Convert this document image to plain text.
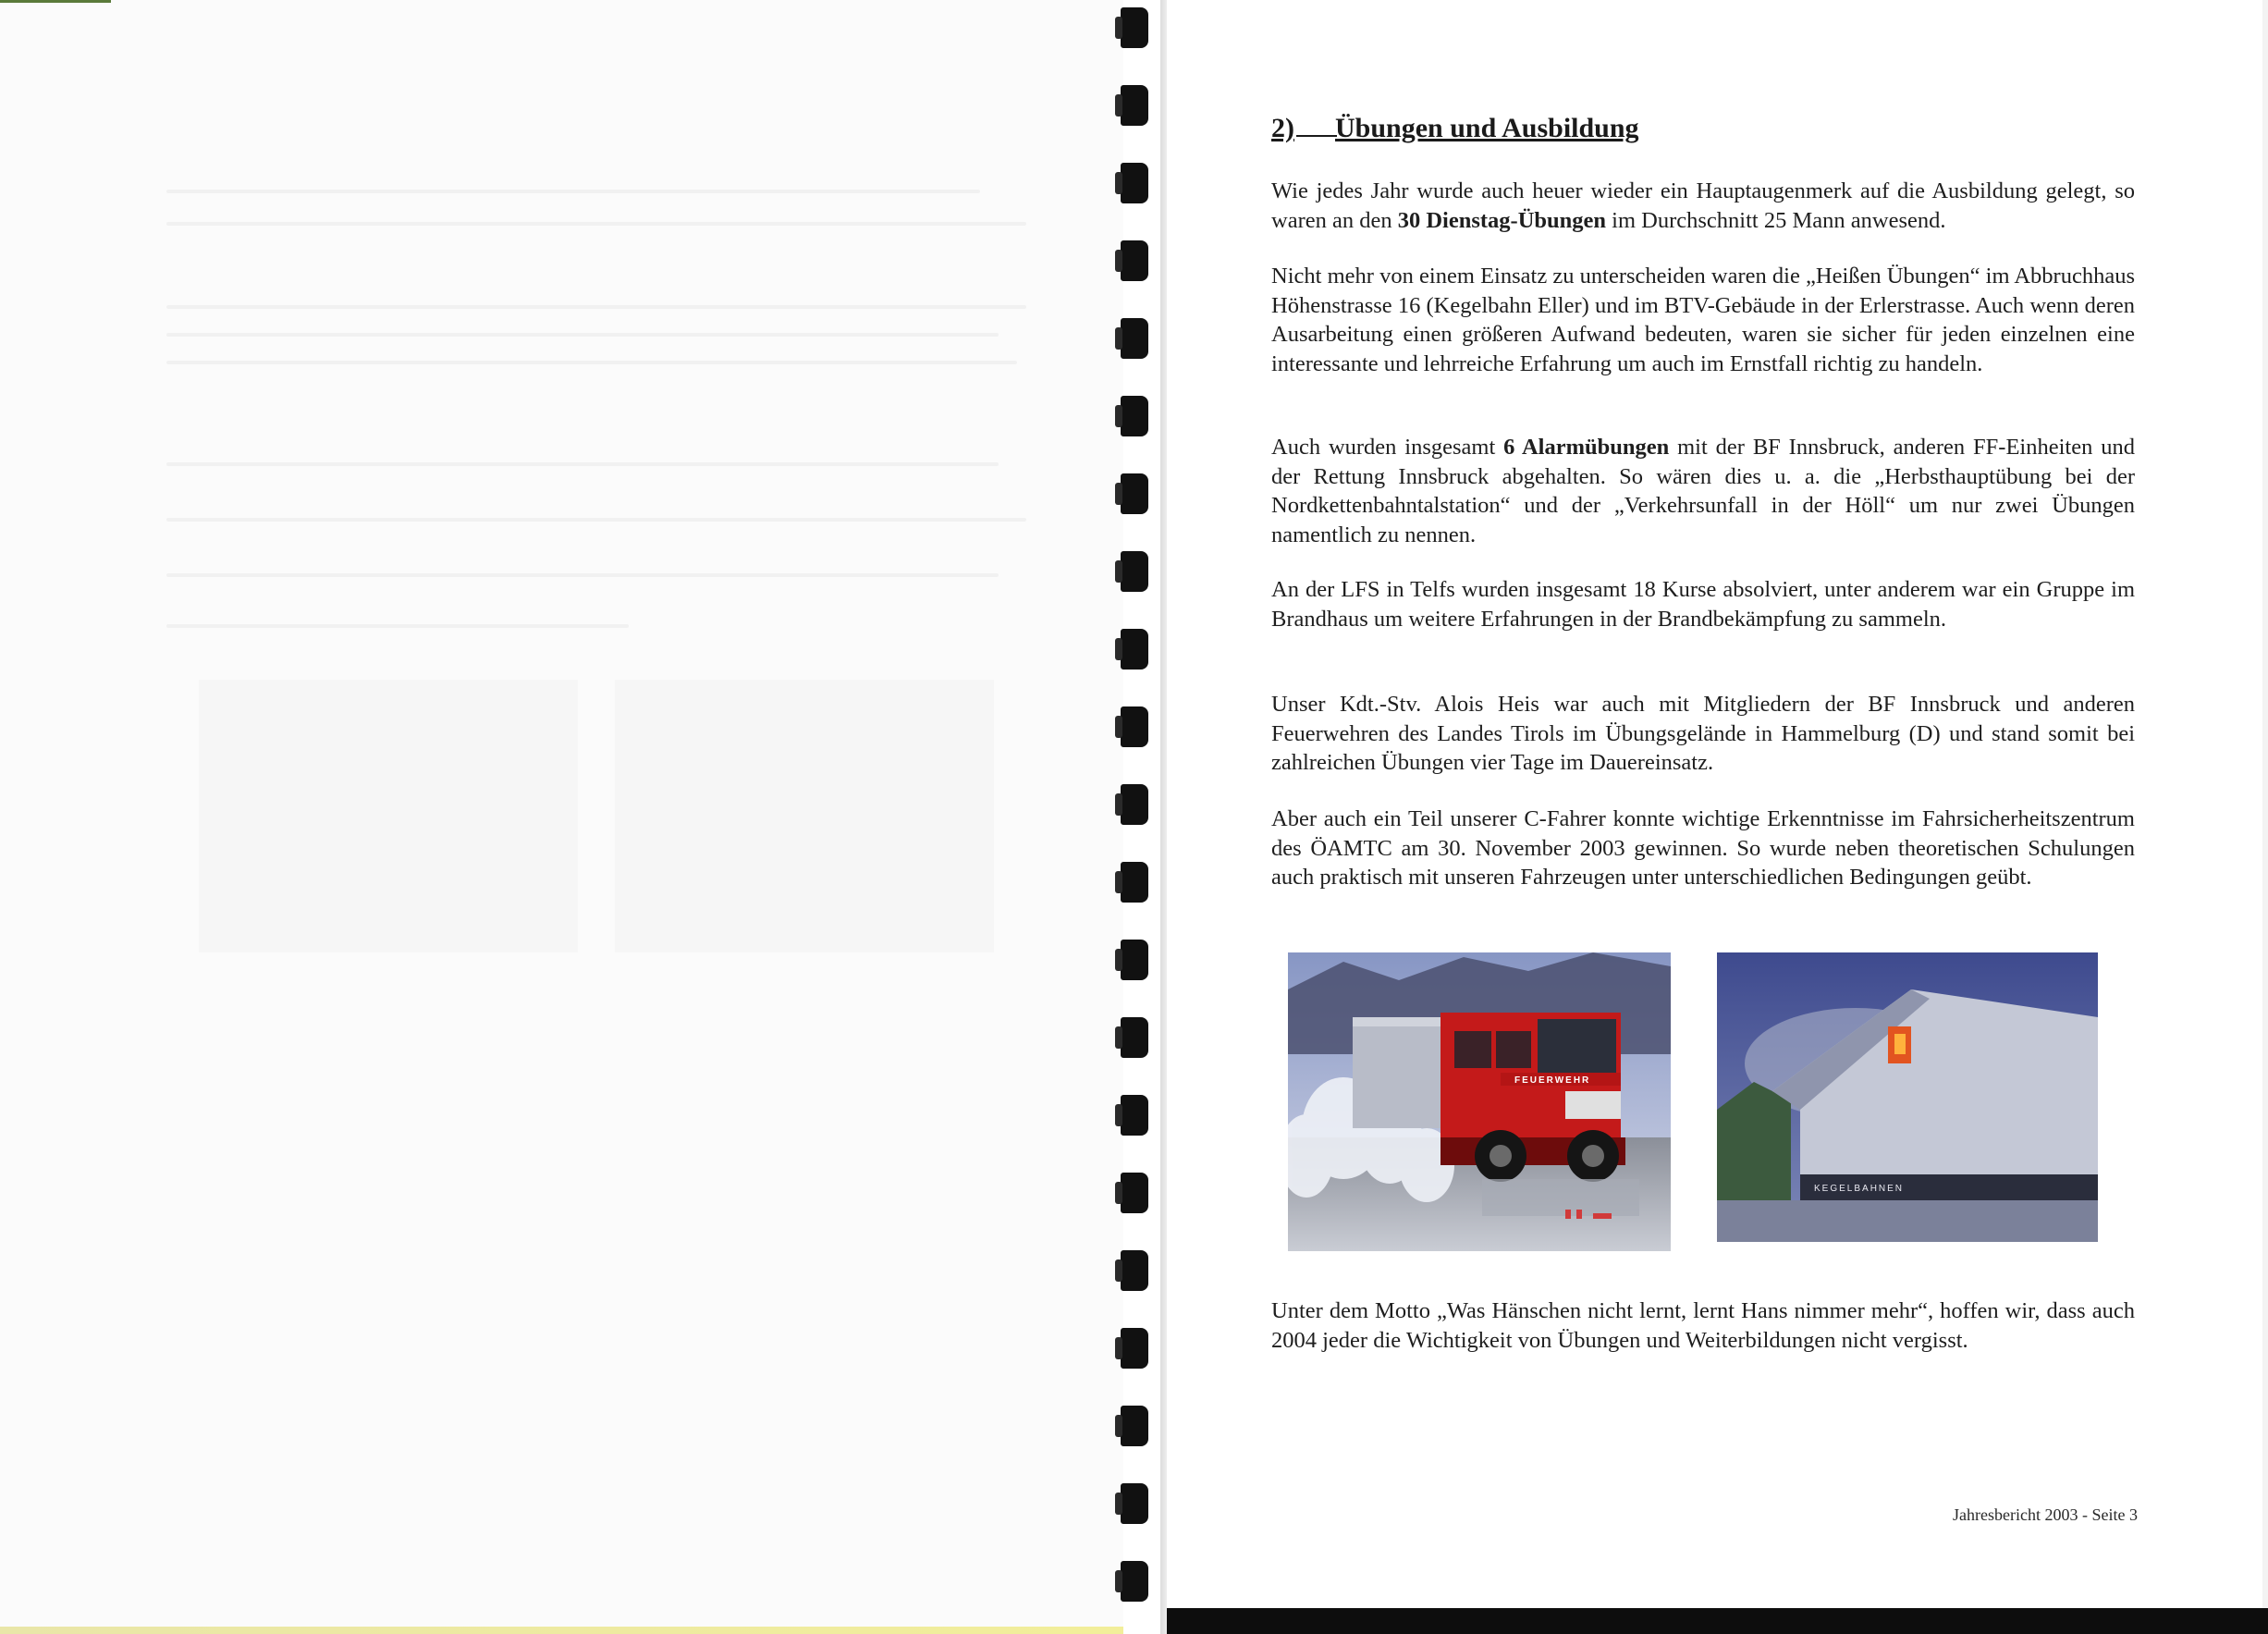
2) Übungen und Ausbildung

Wie jedes Jahr wurde auch heuer wieder ein Hauptaugenmerk auf die Ausbildung gelegt, so waren an den 30 Dienstag-Übungen im Durchschnitt 25 Mann anwesend.

Nicht mehr von einem Einsatz zu unterscheiden waren die „Heißen Übungen“ im Abbruchhaus Höhenstrasse 16 (Kegelbahn Eller) und im BTV-Gebäude in der Erlerstrasse. Auch wenn deren Ausarbeitung einen größeren Aufwand bedeuten, waren sie sicher für jeden einzelnen eine interessante und lehrreiche Erfahrung um auch im Ernstfall richtig zu handeln.

Auch wurden insgesamt 6 Alarmübungen mit der BF Innsbruck, anderen FF-Einheiten und der Rettung Innsbruck abgehalten. So wären dies u. a. die „Herbsthauptübung bei der Nordkettenbahntalstation“ und der „Verkehrsunfall in der Höll“ um nur zwei Übungen namentlich zu nennen.

An der LFS in Telfs wurden insgesamt 18 Kurse absolviert, unter anderem war ein Gruppe im Brandhaus um weitere Erfahrungen in der Brandbekämpfung zu sammeln.

Unser Kdt.-Stv. Alois Heis war auch mit Mitgliedern der BF Innsbruck und anderen Feuerwehren des Landes Tirols im Übungsgelände in Hammelburg (D) und stand somit bei zahlreichen Übungen vier Tage im Dauereinsatz.

Aber auch ein Teil unserer C-Fahrer konnte wichtige Erkenntnisse im Fahrsicherheitszentrum des ÖAMTC am 30. November 2003 gewinnen. So wurde neben theoretischen Schulungen auch praktisch mit unseren Fahrzeugen unter unterschiedlichen Bedingungen geübt.

FEUERWEHR
KEGELBAHNEN

Unter dem Motto „Was Hänschen nicht lernt, lernt Hans nimmer mehr“, hoffen wir, dass auch 2004 jeder die Wichtigkeit von Übungen und Weiterbildungen nicht vergisst.

Jahresbericht 2003 - Seite 3
